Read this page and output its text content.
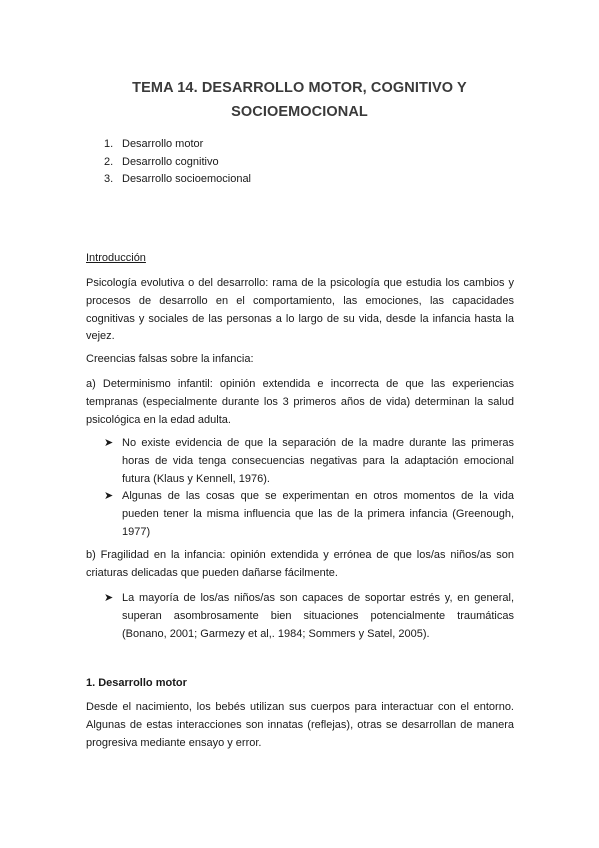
TEMA 14. DESARROLLO MOTOR, COGNITIVO Y
SOCIOEMOCIONAL
1. Desarrollo motor
2. Desarrollo cognitivo
3. Desarrollo socioemocional
Introducción
Psicología evolutiva o del desarrollo: rama de la psicología que estudia los cambios y procesos de desarrollo en el comportamiento, las emociones, las capacidades cognitivas y sociales de las personas a lo largo de su vida, desde la infancia hasta la vejez.
Creencias falsas sobre la infancia:
a) Determinismo infantil: opinión extendida e incorrecta de que las experiencias tempranas (especialmente durante los 3 primeros años de vida) determinan la salud psicológica en la edad adulta.
➤ No existe evidencia de que la separación de la madre durante las primeras horas de vida tenga consecuencias negativas para la adaptación emocional futura (Klaus y Kennell, 1976).
➤ Algunas de las cosas que se experimentan en otros momentos de la vida pueden tener la misma influencia que las de la primera infancia (Greenough, 1977)
b) Fragilidad en la infancia: opinión extendida y errónea de que los/as niños/as son criaturas delicadas que pueden dañarse fácilmente.
➤ La mayoría de los/as niños/as son capaces de soportar estrés y, en general, superan asombrosamente bien situaciones potencialmente traumáticas (Bonano, 2001; Garmezy et al,. 1984; Sommers y Satel, 2005).
1. Desarrollo motor
Desde el nacimiento, los bebés utilizan sus cuerpos para interactuar con el entorno. Algunas de estas interacciones son innatas (reflejas), otras se desarrollan de manera progresiva mediante ensayo y error.
